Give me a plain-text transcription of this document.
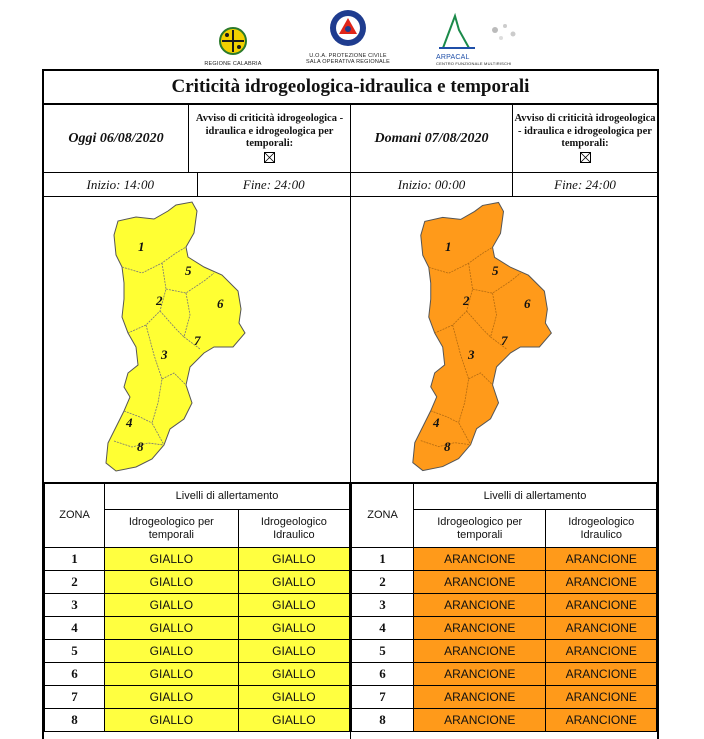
REGIONE CALABRIA
U.O.A. PROTEZIONE CIVILE
SALA OPERATIVA REGIONALE
ARPACAL
CENTRO FUNZIONALE MULTIRISCHI
Criticità idrogeologica-idraulica e temporali
Oggi 06/08/2020
Avviso di criticità idrogeologica - idraulica e idrogeologica per temporali:
Inizio: 14:00	Fine: 24:00
1
2
3
4
5
6
7
8
ZONA	Livelli di allertamento	
	Idrogeologico per temporali	Idrogeologico Idraulico
1	GIALLO	GIALLO
2	GIALLO	GIALLO
3	GIALLO	GIALLO
4	GIALLO	GIALLO
5	GIALLO	GIALLO
6	GIALLO	GIALLO
7	GIALLO	GIALLO
8	GIALLO	GIALLO
Domani 07/08/2020
Avviso di criticità idrogeologica - idraulica e idrogeologica per temporali:
Inizio: 00:00	Fine: 24:00
1
2
3
4
5
6
7
8
ZONA	Livelli di allertamento	
	Idrogeologico per temporali	Idrogeologico Idraulico
1	ARANCIONE	ARANCIONE
2	ARANCIONE	ARANCIONE
3	ARANCIONE	ARANCIONE
4	ARANCIONE	ARANCIONE
5	ARANCIONE	ARANCIONE
6	ARANCIONE	ARANCIONE
7	ARANCIONE	ARANCIONE
8	ARANCIONE	ARANCIONE
